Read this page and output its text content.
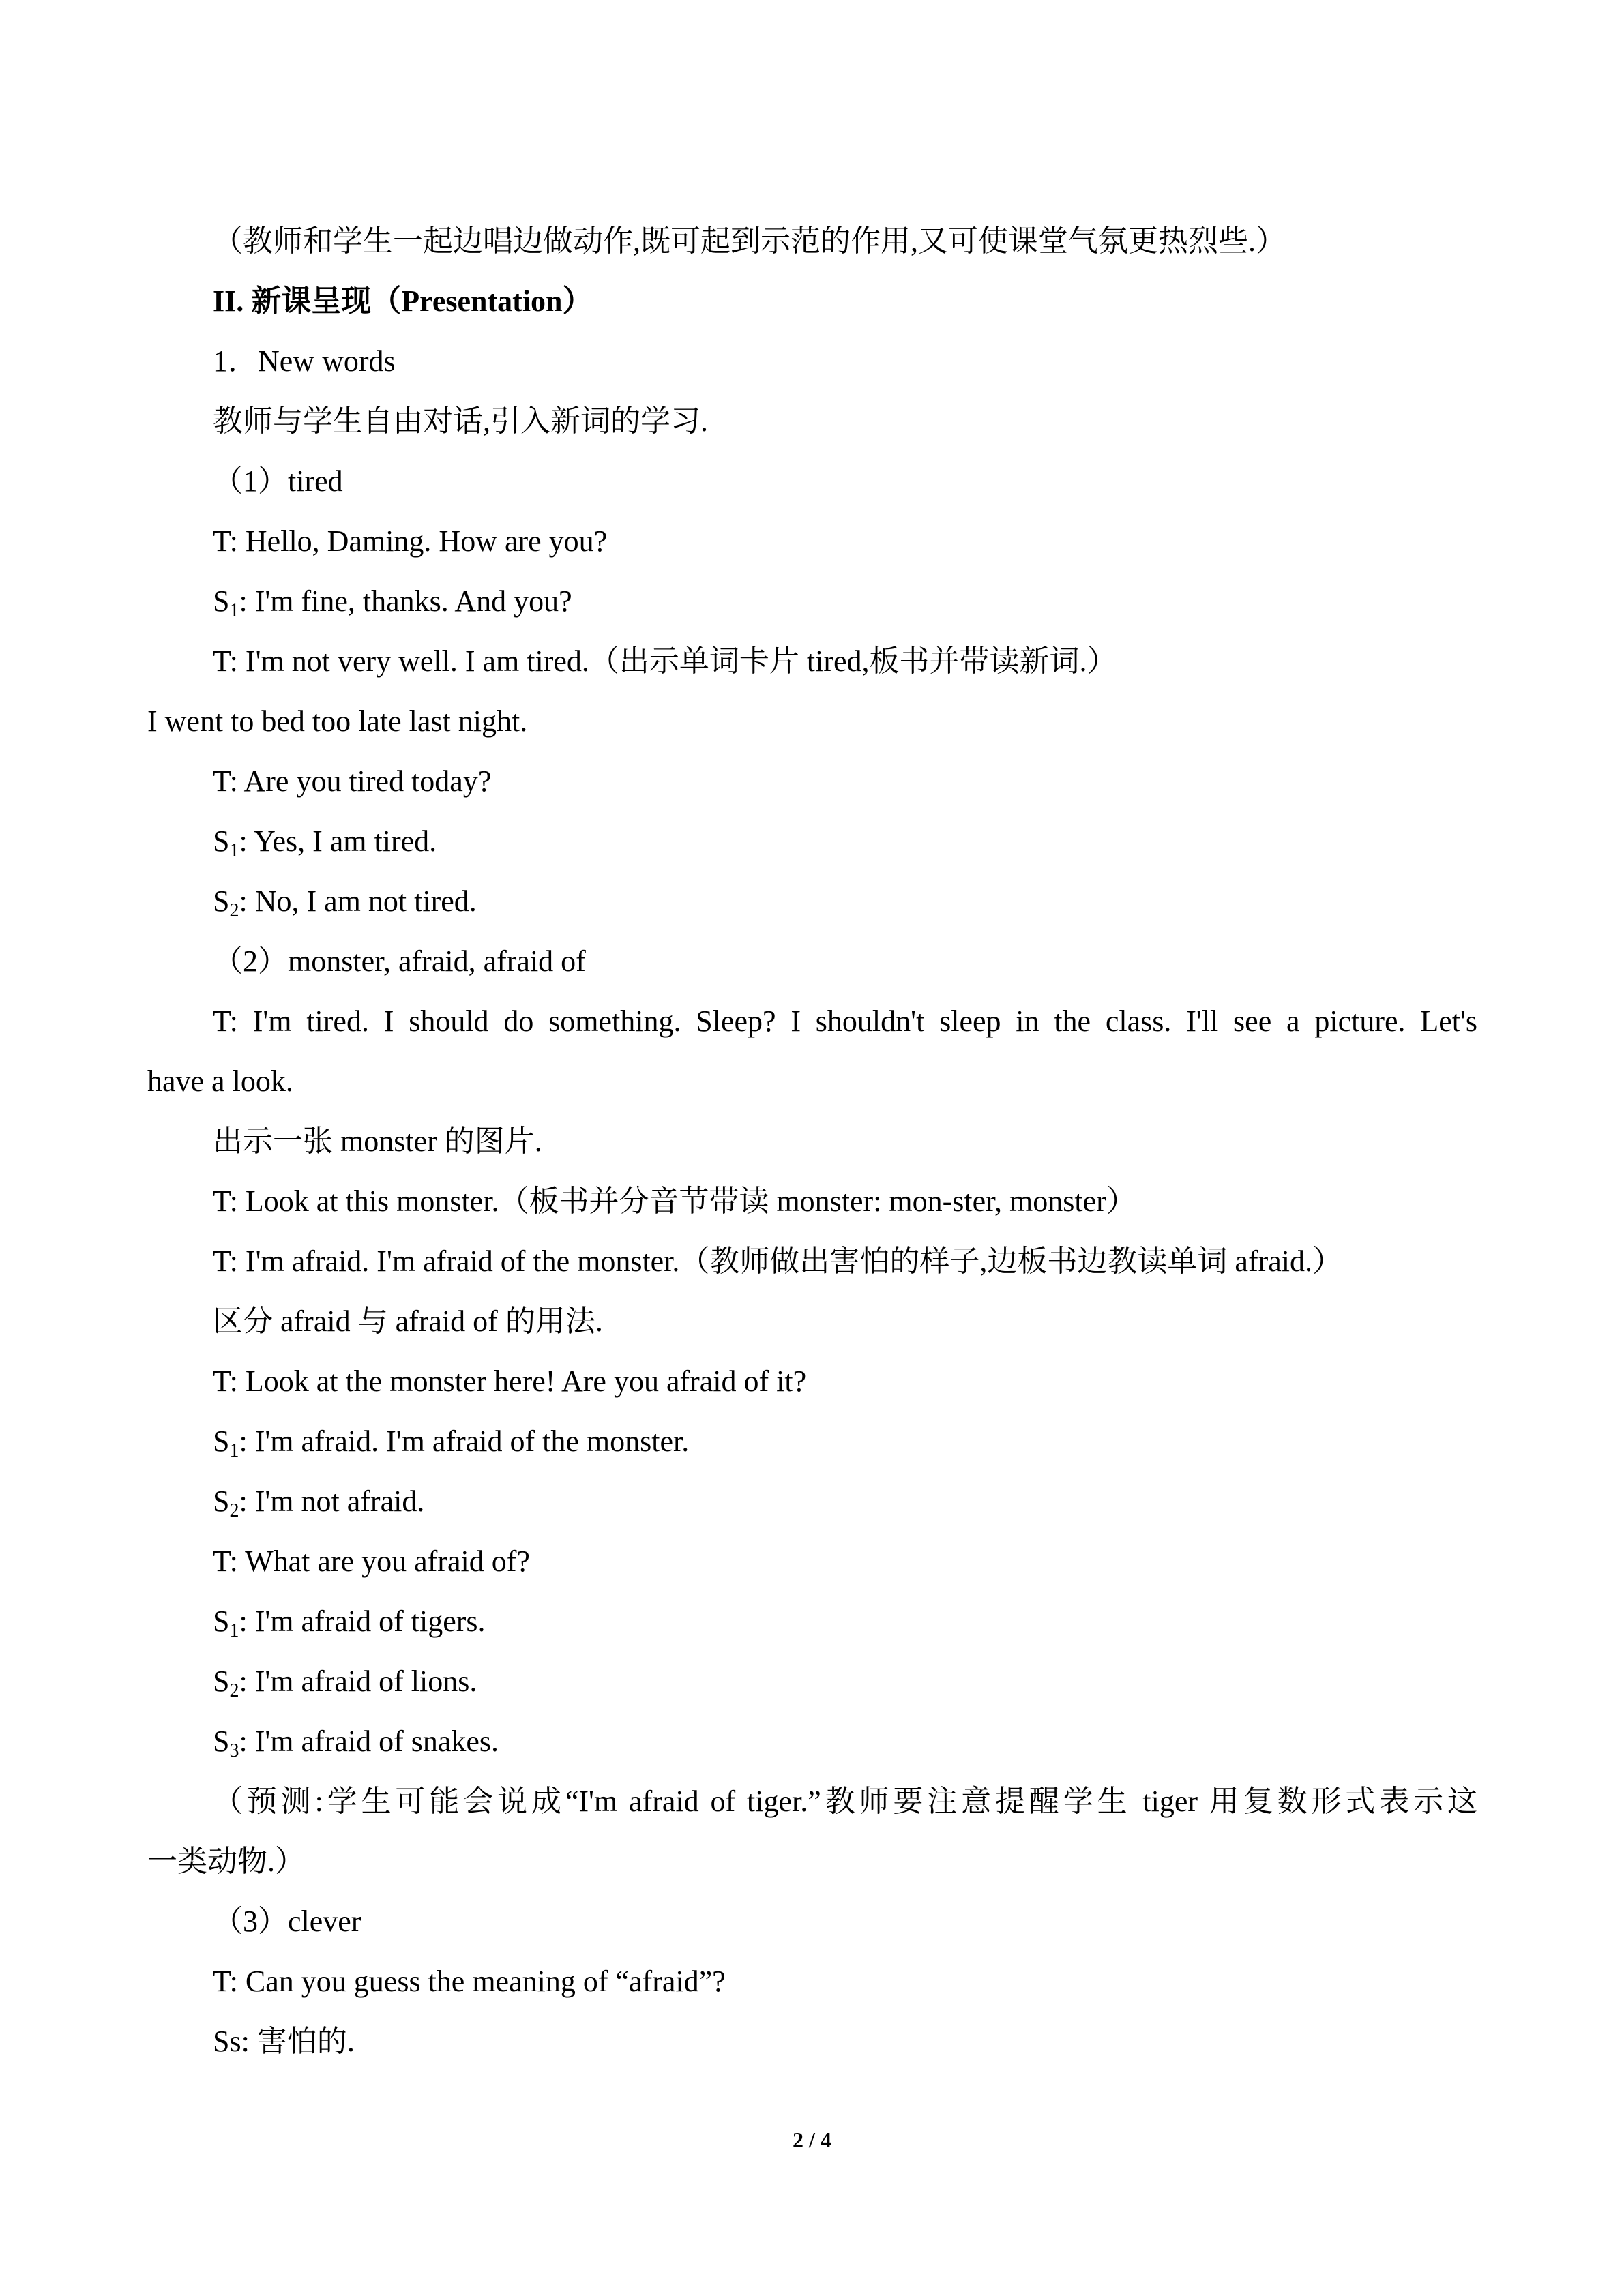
（教师和学生一起边唱边做动作,既可起到示范的作用,又可使课堂气氛更热烈些.）
II. 新课呈现（Presentation）
1．New words
教师与学生自由对话,引入新词的学习.
（1）tired
T: Hello, Daming. How are you?
$S_1$: I'm fine, thanks. And you?
T: I'm not very well. I am tired.（出示单词卡片 tired,板书并带读新词.）
I went to bed too late last night.
T: Are you tired today?
$S_1$: Yes, I am tired.
$S_2$: No, I am not tired.
（2）monster, afraid, afraid of
T: I'm tired. I should do something. Sleep? I shouldn't sleep in the class. I'll see a picture. Let's
have a look.
出示一张 monster 的图片.
T: Look at this monster.（板书并分音节带读 monster: mon-ster, monster）
T: I'm afraid. I'm afraid of the monster.（教师做出害怕的样子,边板书边教读单词 afraid.）
区分 afraid 与 afraid of 的用法.
T: Look at the monster here! Are you afraid of it?
$S_1$: I'm afraid. I'm afraid of the monster.
$S_2$: I'm not afraid.
T: What are you afraid of?
$S_1$: I'm afraid of tigers.
$S_2$: I'm afraid of lions.
$S_3$: I'm afraid of snakes.
（预测:学生可能会说成“I'm afraid of tiger.”教师要注意提醒学生 tiger 用复数形式表示这
一类动物.）
（3）clever
T: Can you guess the meaning of “afraid”?
Ss: 害怕的.
2 / 4
